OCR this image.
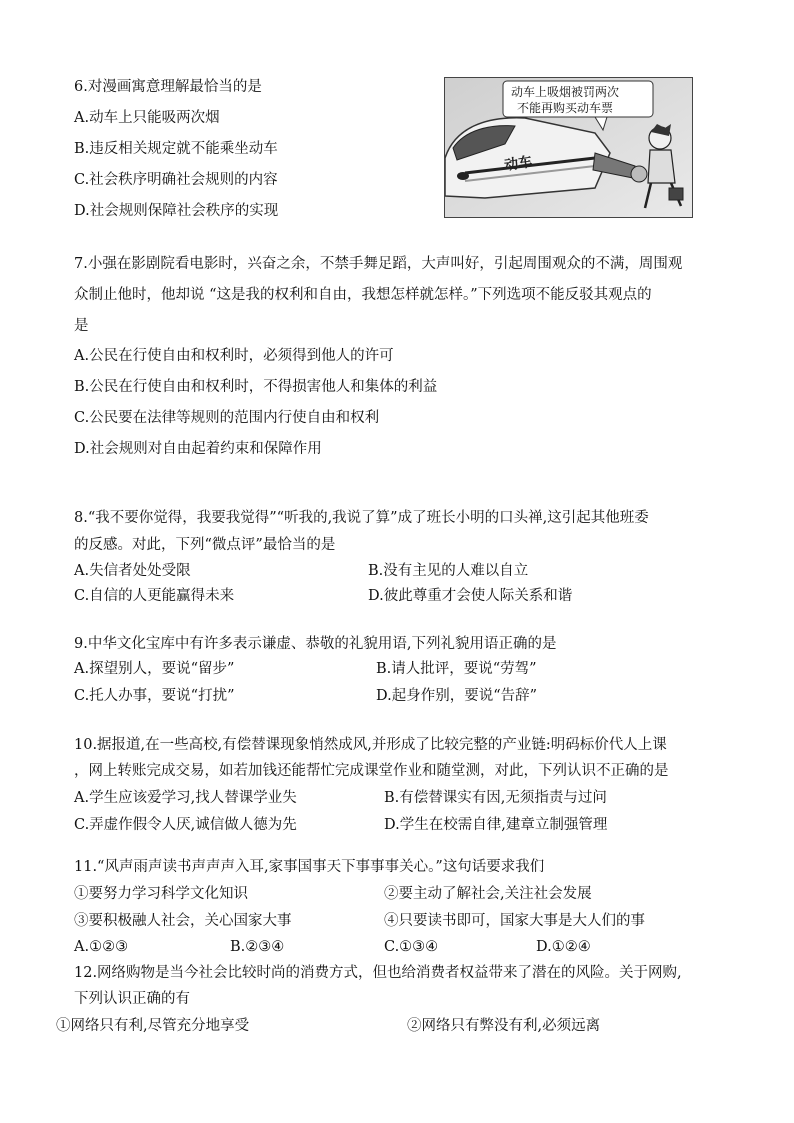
6.对漫画寓意理解最恰当的是
A.动车上只能吸两次烟
B.违反相关规定就不能乘坐动车
C.社会秩序明确社会规则的内容
D.社会规则保障社会秩序的实现
动车上吸烟被罚两次
不能再购买动车票
动车
7.小强在影剧院看电影时，兴奋之余，不禁手舞足蹈，大声叫好，引起周围观众的不满，周围观
众制止他时，他却说 “这是我的权利和自由，我想怎样就怎样。”下列选项不能反驳其观点的
是
A.公民在行使自由和权利时，必须得到他人的许可
B.公民在行使自由和权利时，不得损害他人和集体的利益
C.公民要在法律等规则的范围内行使自由和权利
D.社会规则对自由起着约束和保障作用
8.“我不要你觉得，我要我觉得”“听我的,我说了算”成了班长小明的口头禅,这引起其他班委
的反感。对此，下列“微点评”最恰当的是
A.失信者处处受限	B.没有主见的人难以自立
C.自信的人更能赢得未来	D.彼此尊重才会使人际关系和谐
9.中华文化宝库中有许多表示谦虚、恭敬的礼貌用语,下列礼貌用语正确的是
A.探望别人，要说“留步”	B.请人批评，要说“劳驾”
C.托人办事，要说“打扰”	D.起身作别，要说“告辞”
10.据报道,在一些高校,有偿替课现象悄然成风,并形成了比较完整的产业链:明码标价代人上课
，网上转账完成交易，如若加钱还能帮忙完成课堂作业和随堂测，对此，下列认识不正确的是
A.学生应该爱学习,找人替课学业失	B.有偿替课实有因,无须指责与过问
C.弄虚作假令人厌,诚信做人德为先	D.学生在校需自律,建章立制强管理
11.“风声雨声读书声声声入耳,家事国事天下事事事关心。”这句话要求我们
①要努力学习科学文化知识	②要主动了解社会,关注社会发展
③要积极融人社会，关心国家大事	④只要读书即可，国家大事是大人们的事
A.①②③	B.②③④	C.①③④	D.①②④
12.网络购物是当今社会比较时尚的消费方式，但也给消费者权益带来了潜在的风险。关于网购,
下列认识正确的有
①网络只有利,尽管充分地享受	②网络只有弊没有利,必须远离
